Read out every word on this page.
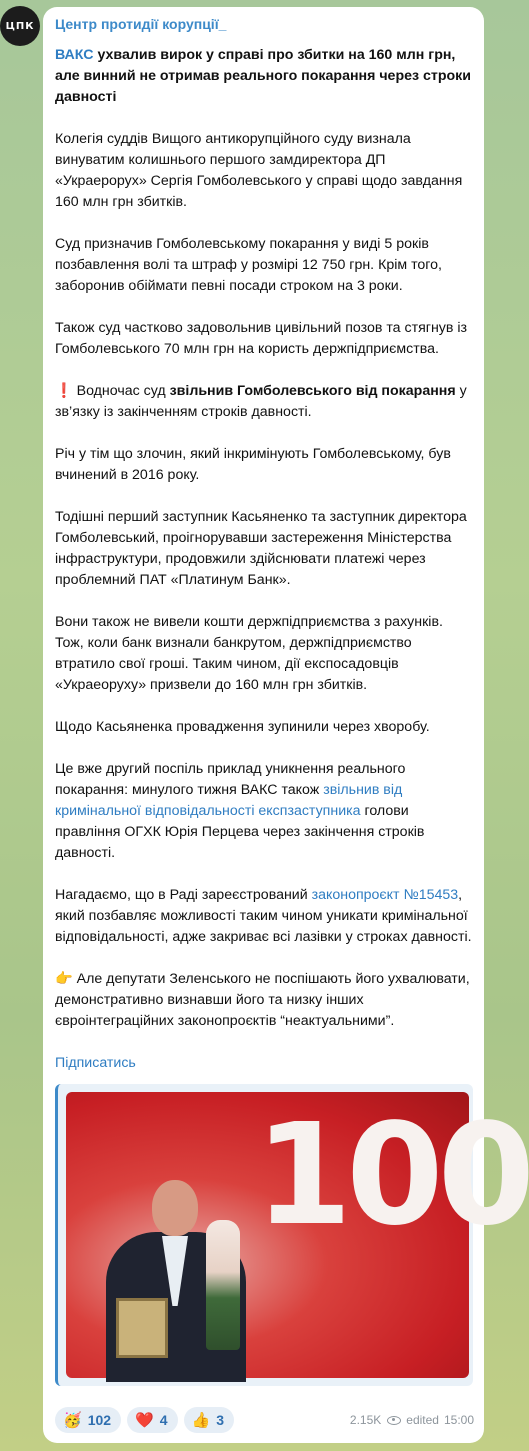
ЦПК	Центр протидії корупції_

ВАКС ухвалив вирок у справі про збитки на 160 млн грн, але винний не отримав реального покарання через строки давності

Колегія суддів Вищого антикорупційного суду визнала винуватим колишнього першого замдиректора ДП «Украерорух» Сергія Гомболевського у справі щодо завдання 160 млн грн збитків.

Суд призначив Гомболевському покарання у виді 5 років позбавлення волі та штраф у розмірі 12 750 грн. Крім того, заборонив обіймати певні посади строком на 3 роки.

Також суд частково задовольнив цивільний позов та стягнув із Гомболевського 70 млн грн на користь держпідприємства.

❗ Водночас суд звільнив Гомболевського від покарання у зв’язку із закінченням строків давності.

Річ у тім що злочин, який інкримінують Гомболевському, був вчинений в 2016 року.

Тодішні перший заступник Касьяненко та заступник директора Гомболевський, проігнорувавши застереження Міністерства інфраструктури, продовжили здійснювати платежі через проблемний ПАТ «Платинум Банк».

Вони також не вивели кошти держпідприємства з рахунків. Тож, коли банк визнали банкрутом, держпідприємство втратило свої гроші. Таким чином, дії експосадовців «Украеоруху» призвели до 160 млн грн збитків.

Щодо Касьяненка провадження зупинили через хворобу.

Це вже другий поспіль приклад уникнення реального покарання: минулого тижня ВАКС також звільнив від кримінальної відповідальності експзаступника голови правління ОГХК Юрія Перцева через закінчення строків давності.

Нагадаємо, що в Раді зареєстрований законопроєкт №15453, який позбавляє можливості таким чином уникати кримінальної відповідальності, адже закриває всі лазівки у строках давності.

👉 Але депутати Зеленського не поспішають його ухвалювати, демонстративно визнавши його та низку інших євроінтеграційних законопроєктів “неактуальними”.

Підписатись
100
🥳 102 ❤️ 4 👍 3	2.15K edited 15:00
